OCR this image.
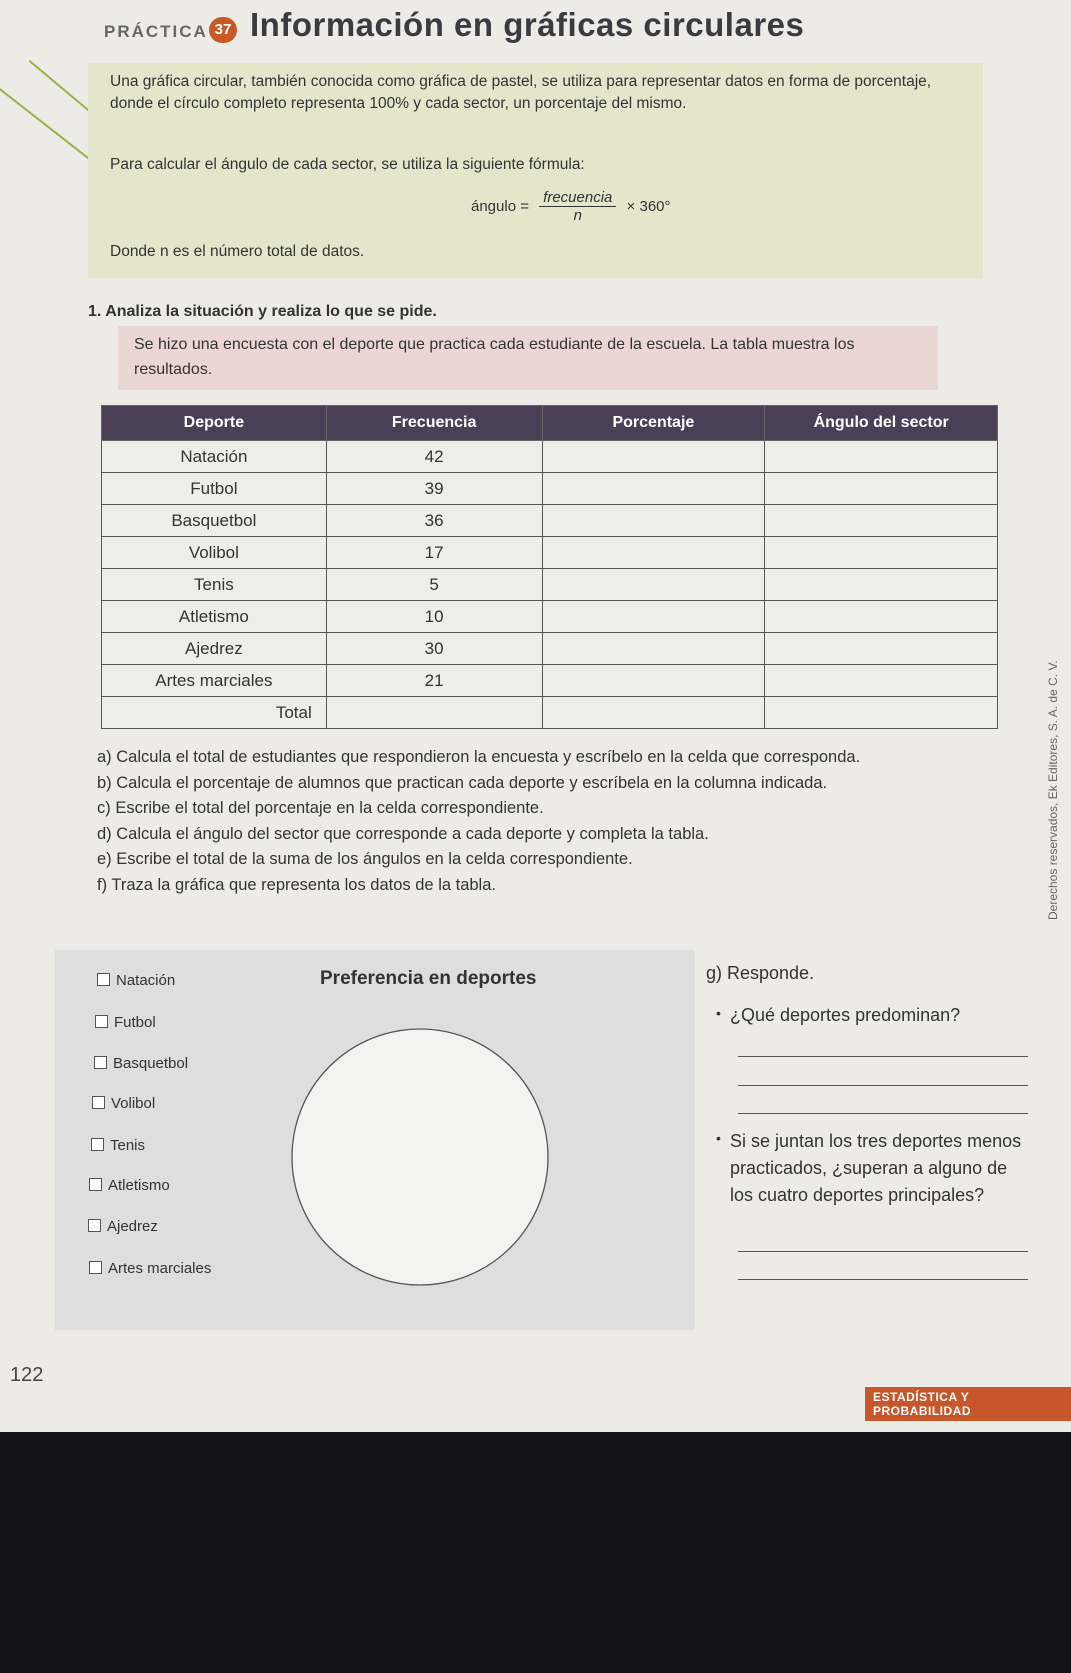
PRÁCTICA 37 Información en gráficas circulares
Una gráfica circular, también conocida como gráfica de pastel, se utiliza para representar datos en forma de porcentaje, donde el círculo completo representa 100% y cada sector, un porcentaje del mismo.
Para calcular el ángulo de cada sector, se utiliza la siguiente fórmula:
ángulo = $\frac{\text{frecuencia}}{n} \times 360^\circ$
Donde n es el número total de datos.
1. Analiza la situación y realiza lo que se pide.
Se hizo una encuesta con el deporte que practica cada estudiante de la escuela. La tabla muestra los resultados.
Deporte	Frecuencia	Porcentaje	Ángulo del sector
Natación	42		
Futbol	39		
Basquetbol	36		
Volibol	17		
Tenis	5		
Atletismo	10		
Ajedrez	30		
Artes marciales	21		
Total			
a) Calcula el total de estudiantes que respondieron la encuesta y escríbelo en la celda que corresponda.
b) Calcula el porcentaje de alumnos que practican cada deporte y escríbela en la columna indicada.
c) Escribe el total del porcentaje en la celda correspondiente.
d) Calcula el ángulo del sector que corresponde a cada deporte y completa la tabla.
e) Escribe el total de la suma de los ángulos en la celda correspondiente.
f) Traza la gráfica que representa los datos de la tabla.
Preferencia en deportes
Natación
Futbol
Basquetbol
Volibol
Tenis
Atletismo
Ajedrez
Artes marciales
g) Responde.
• ¿Qué deportes predominan?
• Si se juntan los tres deportes menos practicados, ¿superan a alguno de los cuatro deportes principales?
Derechos reservados, Ek Editores, S. A. de C. V.
122
ESTADÍSTICA Y PROBABILIDAD
